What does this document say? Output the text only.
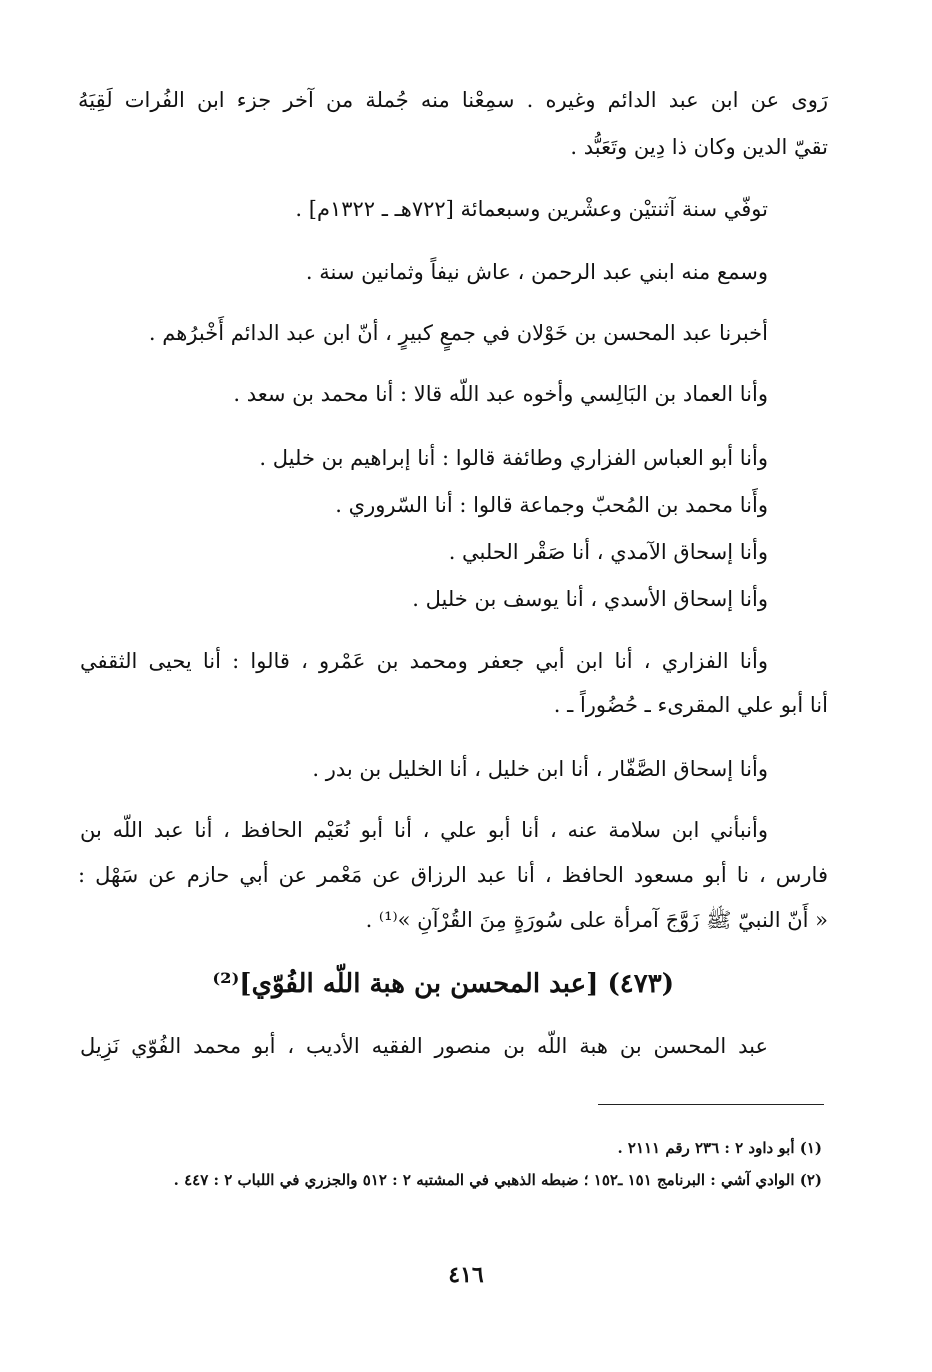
رَوى عن ابن عبد الدائم وغيره . سمِعْنا منه جُملة من آخر جزء ابن الفُرات لَقِيَهُ
تقيّ الدين وكان ذا دِين وتَعَبُّد .
توفّي سنة آثنتيْن وعشْرين وسبعمائة [٧٢٢هـ ـ ١٣٢٢م] .
وسمع منه ابني عبد الرحمن ، عاش نيفاً وثمانين سنة .
أخبرنا عبد المحسن بن خَوْلان في جمعٍ كبيرٍ ، أنّ ابن عبد الدائم أَخْبرُهم .
وأنا العماد بن البَالِسي وأخوه عبد اللّه قالا : أنا محمد بن سعد .
وأنا أبو العباس الفزاري وطائفة قالوا : أنا إبراهيم بن خليل .
وأَنا محمد بن المُحبّ وجماعة قالوا : أنا السّروري .
وأنا إسحاق الآمدي ، أنا صَقْر الحلبي .
وأنا إسحاق الأسدي ، أنا يوسف بن خليل .
وأنا الفزاري ، أنا ابن أبي جعفر ومحمد بن عَمْرو ، قالوا : أنا يحيى الثقفي
أنا أبو علي المقرىء ـ حُضُوراً ـ .
وأنا إسحاق الصَّفّار ، أنا ابن خليل ، أنا الخليل بن بدر .
وأنبأني ابن سلامة عنه ، أنا أبو علي ، أنا أبو نُعَيْم الحافظ ، أنا عبد اللّه بن
فارس ، نا أبو مسعود الحافظ ، أنا عبد الرزاق عن مَعْمر عن أبي حازم عن سَهْل :
« أَنّ النبيّ ﷺ زَوَّجَ آمرأة على سُورَةٍ مِنَ القُرْآنِ »⁽¹⁾ .
(٤٧٣) [عبد المحسن بن هبة اللّه الفُوّي]⁽²⁾
عبد المحسن بن هبة اللّه بن منصور الفقيه الأديب ، أبو محمد الفُوّي نَزِيل
(١) أبو داود ٢ : ٢٣٦ رقم ٢١١١ .
(٢) الوادي آشي : البرنامج ١٥١ ـ١٥٢ ؛ ضبطه الذهبي في المشتبه ٢ : ٥١٢ والجزري في اللباب ٢ : ٤٤٧ .
٤١٦
